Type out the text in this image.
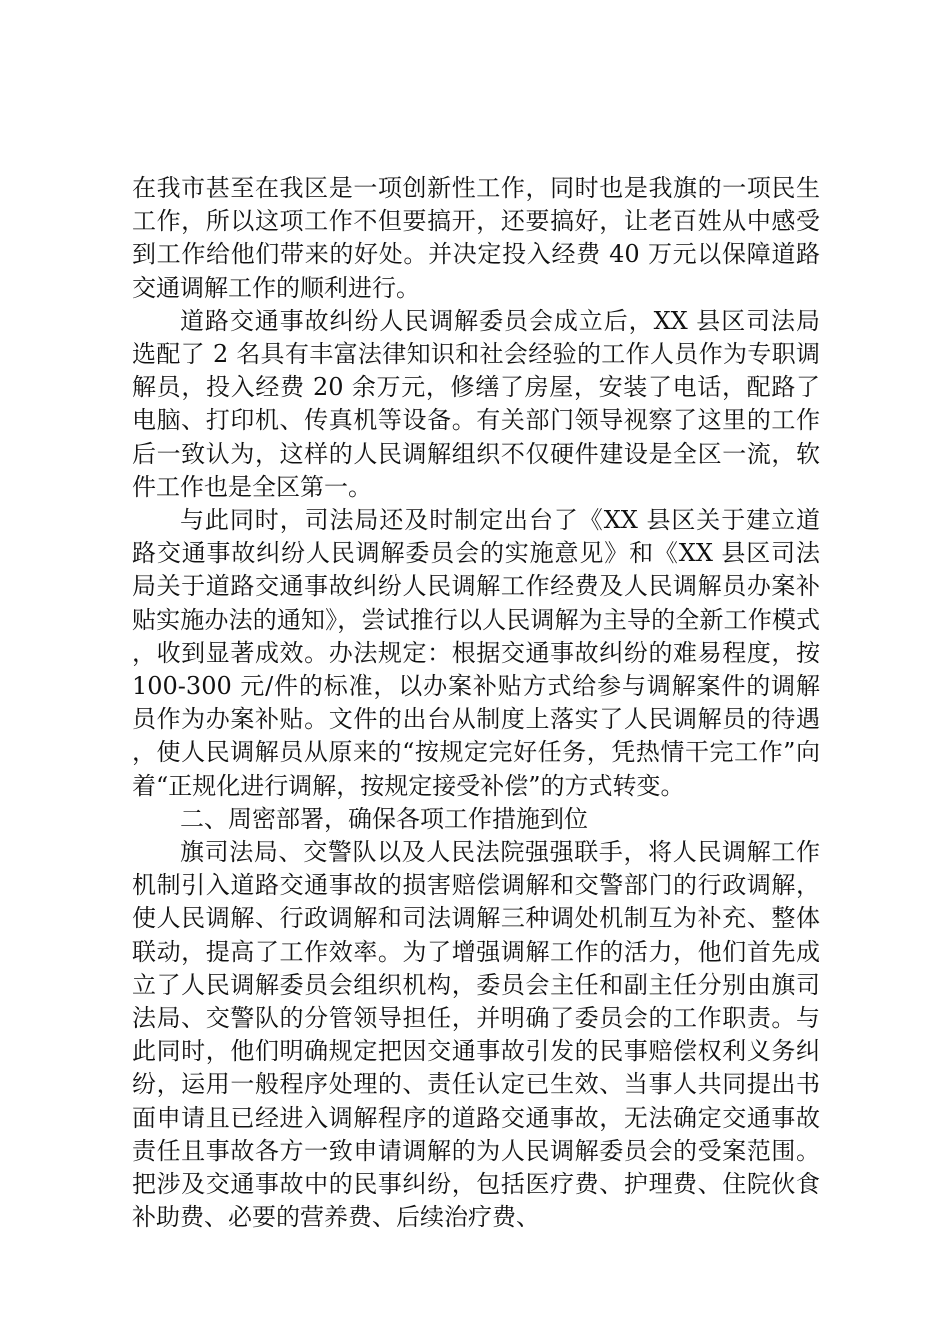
在我市甚至在我区是一项创新性工作，同时也是我旗的一项民生工作，所以这项工作不但要搞开，还要搞好，让老百姓从中感受到工作给他们带来的好处。并决定投入经费 40 万元以保障道路交通调解工作的顺利进行。

道路交通事故纠纷人民调解委员会成立后，XX 县区司法局选配了 2 名具有丰富法律知识和社会经验的工作人员作为专职调解员，投入经费 20 余万元，修缮了房屋，安装了电话，配路了电脑、打印机、传真机等设备。有关部门领导视察了这里的工作后一致认为，这样的人民调解组织不仅硬件建设是全区一流，软件工作也是全区第一。

与此同时，司法局还及时制定出台了《XX 县区关于建立道路交通事故纠纷人民调解委员会的实施意见》和《XX 县区司法局关于道路交通事故纠纷人民调解工作经费及人民调解员办案补贴实施办法的通知》，尝试推行以人民调解为主导的全新工作模式，收到显著成效。办法规定：根据交通事故纠纷的难易程度，按 100-300 元/件的标准，以办案补贴方式给参与调解案件的调解员作为办案补贴。文件的出台从制度上落实了人民调解员的待遇，使人民调解员从原来的“按规定完好任务，凭热情干完工作”向着“正规化进行调解，按规定接受补偿”的方式转变。

二、周密部署，确保各项工作措施到位

旗司法局、交警队以及人民法院强强联手，将人民调解工作机制引入道路交通事故的损害赔偿调解和交警部门的行政调解，使人民调解、行政调解和司法调解三种调处机制互为补充、整体联动，提高了工作效率。为了增强调解工作的活力，他们首先成立了人民调解委员会组织机构，委员会主任和副主任分别由旗司法局、交警队的分管领导担任，并明确了委员会的工作职责。与此同时，他们明确规定把因交通事故引发的民事赔偿权利义务纠纷，运用一般程序处理的、责任认定已生效、当事人共同提出书面申请且已经进入调解程序的道路交通事故，无法确定交通事故责任且事故各方一致申请调解的为人民调解委员会的受案范围。把涉及交通事故中的民事纠纷，包括医疗费、护理费、住院伙食补助费、必要的营养费、后续治疗费、
